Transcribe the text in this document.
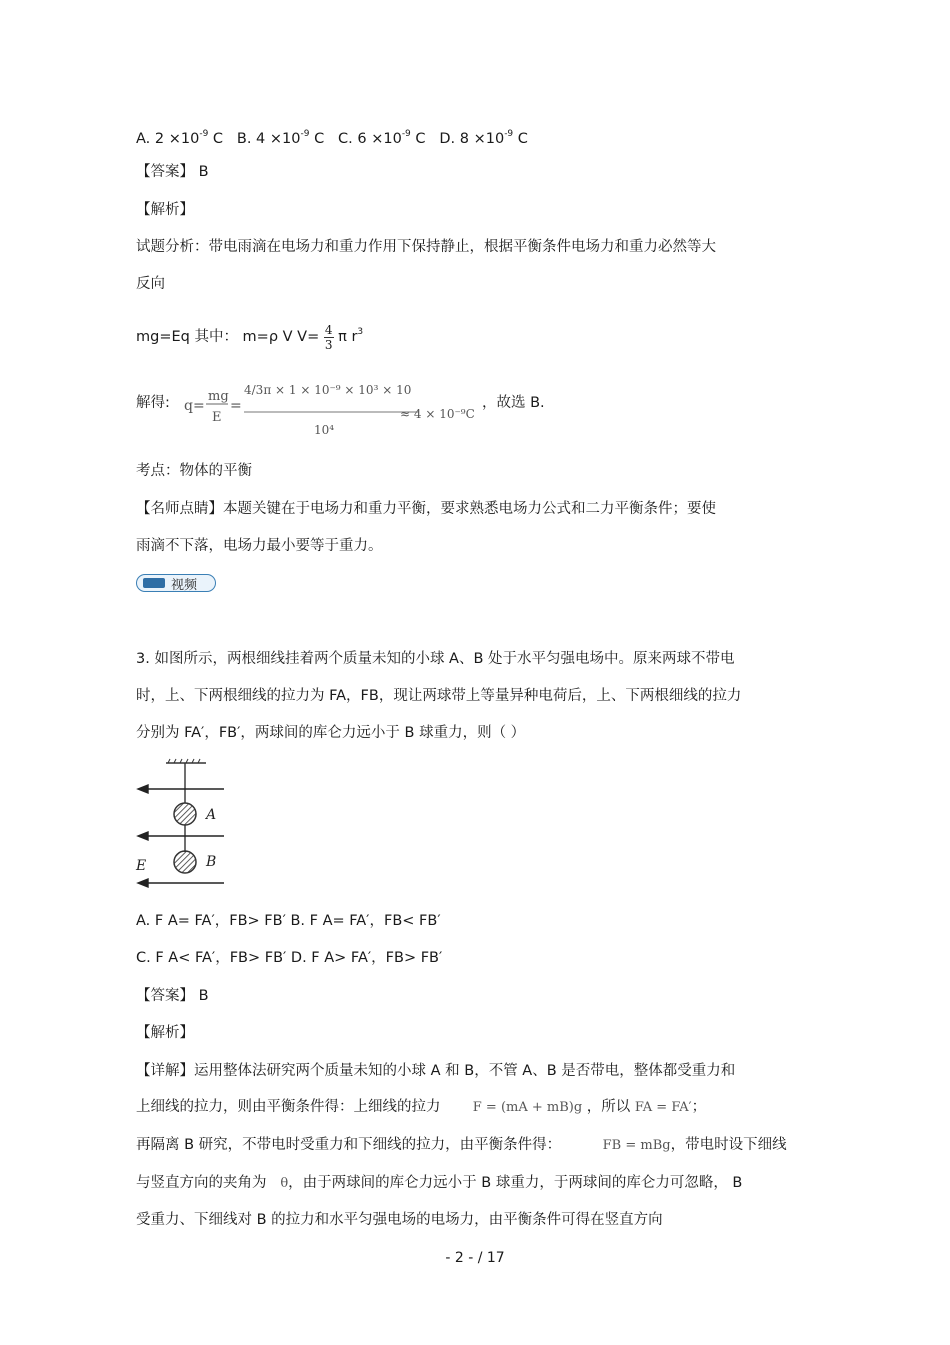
A. $2 \times 10^{-9}$ C B. $4 \times 10^{-9}$ C C. $6 \times 10^{-9}$ C D. $8 \times 10^{-9}$ C
【答案】 B
【解析】
试题分析：带电雨滴在电场力和重力作用下保持静止，根据平衡条件电场力和重力必然等大
反向
mg=Eq 其中： m=ρ V $V= \frac{4}{3}$ π $r^3$
解得: q=
mg
E
=
4/3π × 1 × 10⁻⁹ × 10³ × 10
10⁴
≈ 4 × 10⁻⁹C
，故选 B.
考点：物体的平衡
【名师点睛】本题关键在于电场力和重力平衡，要求熟悉电场力公式和二力平衡条件；要使
雨滴不下落，电场力最小要等于重力。
视频
3. 如图所示，两根细线挂着两个质量未知的小球 A、B 处于水平匀强电场中。原来两球不带电
时，上、下两根细线的拉力为 FA，FB，现让两球带上等量异种电荷后，上、下两根细线的拉力
分别为 FA′，FB′，两球间的库仑力远小于 B 球重力，则（ ）
A
B
E
A. F A= FA′，FB> FB′ B. F A= FA′，FB< FB′
C. F A< FA′，FB> FB′ D. F A> FA′，FB> FB′
【答案】 B
【解析】
【详解】运用整体法研究两个质量未知的小球 A 和 B，不管 A、B 是否带电，整体都受重力和
上细线的拉力，则由平衡条件得：上细线的拉力 F = (mA + mB)g ，所以 FA = FA′；
再隔离 B 研究，不带电时受重力和下细线的拉力，由平衡条件得：	FB = mBg，带电时设下细线
与竖直方向的夹角为 θ，由于两球间的库仑力远小于 B 球重力，于两球间的库仑力可忽略， B
受重力、下细线对 B 的拉力和水平匀强电场的电场力，由平衡条件可得在竖直方向
- 2 - / 17
